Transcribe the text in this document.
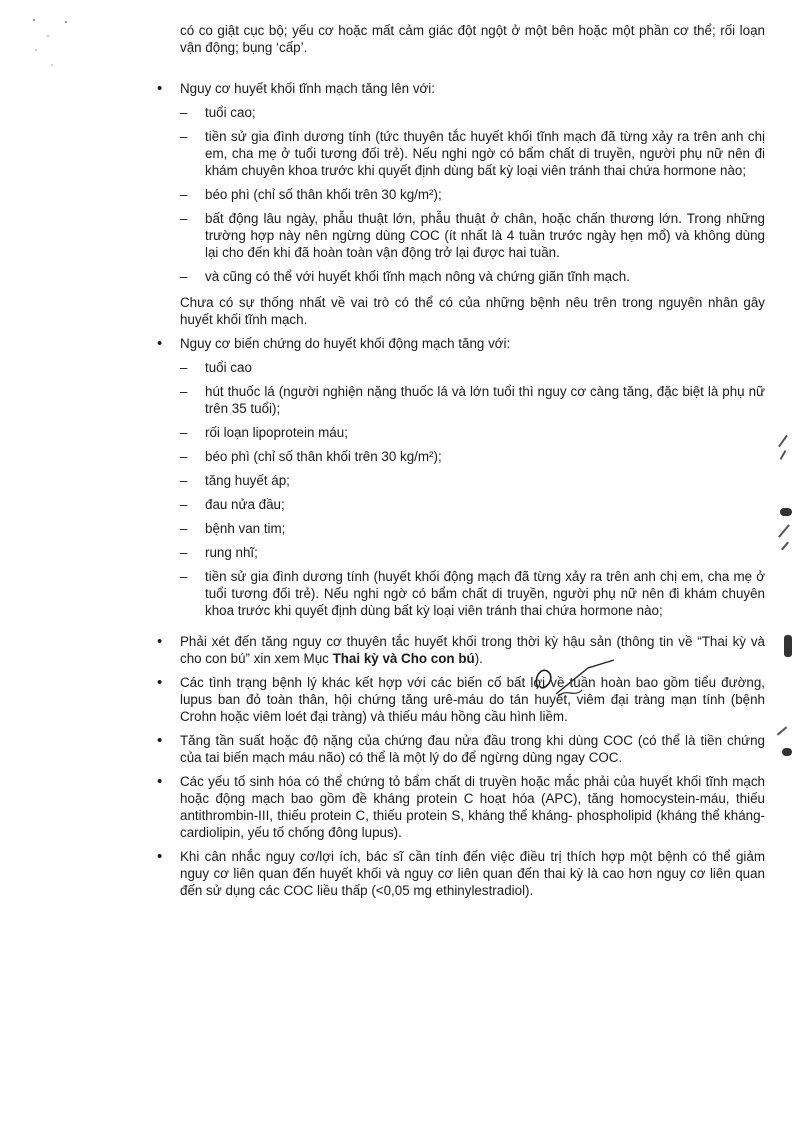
có co giật cục bộ; yếu cơ hoặc mất cảm giác đột ngột ở một bên hoặc một phần cơ thể; rối loạn vận động; bụng ‘cấp’.

• Nguy cơ huyết khối tĩnh mạch tăng lên với:

– tuổi cao;
– tiền sử gia đình dương tính (tức thuyên tắc huyết khối tĩnh mạch đã từng xảy ra trên anh chị em, cha mẹ ở tuổi tương đối trẻ). Nếu nghi ngờ có bẩm chất di truyền, người phụ nữ nên đi khám chuyên khoa trước khi quyết định dùng bất kỳ loại viên tránh thai chứa hormone nào;
– béo phì (chỉ số thân khối trên 30 kg/m²);
– bất động lâu ngày, phẫu thuật lớn, phẫu thuật ở chân, hoặc chấn thương lớn. Trong những trường hợp này nên ngừng dùng COC (ít nhất là 4 tuần trước ngày hẹn mổ) và không dùng lại cho đến khi đã hoàn toàn vận động trở lại được hai tuần.
– và cũng có thể với huyết khối tĩnh mạch nông và chứng giãn tĩnh mạch.

Chưa có sự thống nhất về vai trò có thể có của những bệnh nêu trên trong nguyên nhân gây huyết khối tĩnh mạch.

• Nguy cơ biến chứng do huyết khối động mạch tăng với:

– tuổi cao
– hút thuốc lá (người nghiện nặng thuốc lá và lớn tuổi thì nguy cơ càng tăng, đặc biệt là phụ nữ trên 35 tuổi);
– rối loạn lipoprotein máu;
– béo phì (chỉ số thân khối trên 30 kg/m²);
– tăng huyết áp;
– đau nửa đầu;
– bệnh van tim;
– rung nhĩ;
– tiền sử gia đình dương tính (huyết khối động mạch đã từng xảy ra trên anh chị em, cha mẹ ở tuổi tương đối trẻ). Nếu nghi ngờ có bẩm chất di truyền, người phụ nữ nên đi khám chuyên khoa trước khi quyết định dùng bất kỳ loại viên tránh thai chứa hormone nào;
• Phải xét đến tăng nguy cơ thuyên tắc huyết khối trong thời kỳ hậu sản (thông tin về “Thai kỳ và cho con bú” xin xem Mục Thai kỳ và Cho con bú).

• Các tình trạng bệnh lý khác kết hợp với các biến cố bất lợi về tuần hoàn bao gồm tiểu đường, lupus ban đỏ toàn thân, hội chứng tăng urê-máu do tán huyết, viêm đại tràng mạn tính (bệnh Crohn hoặc viêm loét đại tràng) và thiếu máu hồng cầu hình liềm.

• Tăng tần suất hoặc độ nặng của chứng đau nửa đầu trong khi dùng COC (có thể là tiền chứng của tai biến mạch máu não) có thể là một lý do để ngừng dùng ngay COC.

• Các yếu tố sinh hóa có thể chứng tỏ bẩm chất di truyền hoặc mắc phải của huyết khối tĩnh mạch hoặc động mạch bao gồm đề kháng protein C hoạt hóa (APC), tăng homocystein-máu, thiếu antithrombin-III, thiếu protein C, thiếu protein S, kháng thể kháng- phospholipid (kháng thể kháng-cardiolipin, yếu tố chống đông lupus).

• Khi cân nhắc nguy cơ/lợi ích, bác sĩ cần tính đến việc điều trị thích hợp một bệnh có thể giảm nguy cơ liên quan đến huyết khối và nguy cơ liên quan đến thai kỳ là cao hơn nguy cơ liên quan đến sử dụng các COC liều thấp (<0,05 mg ethinylestradiol).
